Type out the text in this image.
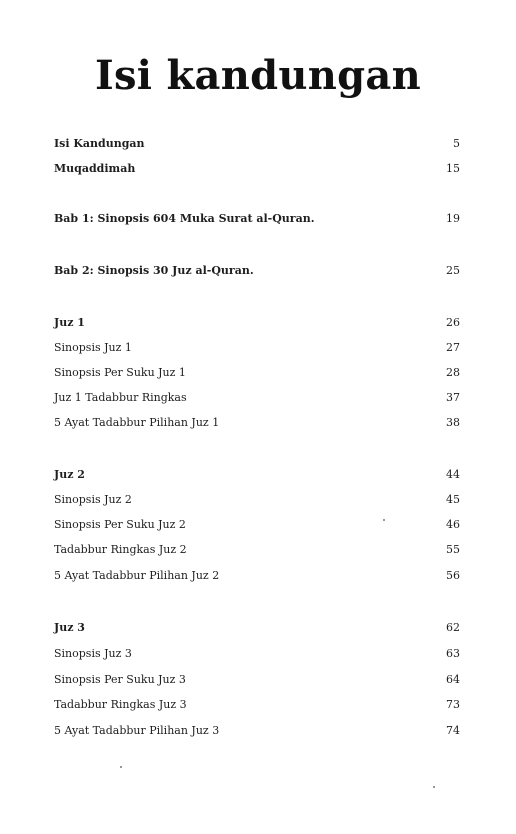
Isi kandungan
Isi Kandungan	5
Muqaddimah	15
Bab 1: Sinopsis 604 Muka Surat al-Quran.	19
Bab 2: Sinopsis 30 Juz al-Quran.	25
Juz 1	26
Sinopsis Juz 1	27
Sinopsis Per Suku Juz 1	28
Juz 1 Tadabbur Ringkas	37
5 Ayat Tadabbur Pilihan Juz 1	38
Juz 2	44
Sinopsis Juz 2	45
Sinopsis Per Suku Juz 2	46
Tadabbur Ringkas Juz 2	55
5 Ayat Tadabbur Pilihan Juz 2	56
Juz 3	62
Sinopsis Juz 3	63
Sinopsis Per Suku Juz 3	64
Tadabbur Ringkas Juz 3	73
5 Ayat Tadabbur Pilihan Juz 3	74
